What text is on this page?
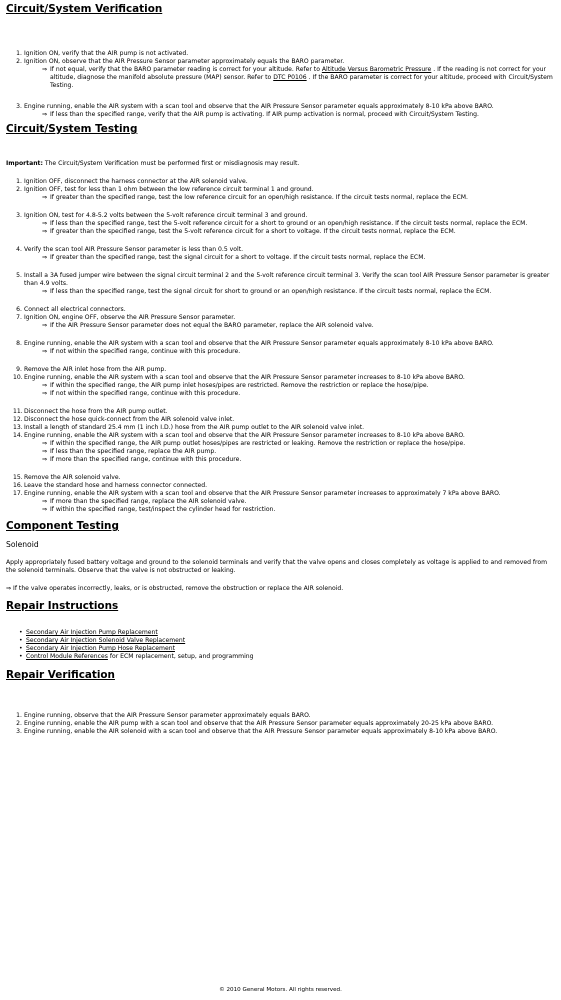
Circuit/System Verification
1. Ignition ON, verify that the AIR pump is not activated.
2. Ignition ON, observe that the AIR Pressure Sensor parameter approximately equals the BARO parameter.
⇒ If not equal, verify that the BARO parameter reading is correct for your altitude. Refer to Altitude Versus Barometric Pressure . If the reading is not correct for your altitude, diagnose the manifold absolute pressure (MAP) sensor. Refer to DTC P0106 . If the BARO parameter is correct for your altitude, proceed with Circuit/System Testing.
3. Engine running, enable the AIR system with a scan tool and observe that the AIR Pressure Sensor parameter equals approximately 8-10 kPa above BARO.
⇒ If less than the specified range, verify that the AIR pump is activating. If AIR pump activation is normal, proceed with Circuit/System Testing.
Circuit/System Testing

Important: The Circuit/System Verification must be performed first or misdiagnosis may result.

1. Ignition OFF, disconnect the harness connector at the AIR solenoid valve.
2. Ignition OFF, test for less than 1 ohm between the low reference circuit terminal 1 and ground.
⇒ If greater than the specified range, test the low reference circuit for an open/high resistance. If the circuit tests normal, replace the ECM.
3. Ignition ON, test for 4.8-5.2 volts between the 5-volt reference circuit terminal 3 and ground.
⇒ If less than the specified range, test the 5-volt reference circuit for a short to ground or an open/high resistance. If the circuit tests normal, replace the ECM.
⇒ If greater than the specified range, test the 5-volt reference circuit for a short to voltage. If the circuit tests normal, replace the ECM.
4. Verify the scan tool AIR Pressure Sensor parameter is less than 0.5 volt.
⇒ If greater than the specified range, test the signal circuit for a short to voltage. If the circuit tests normal, replace the ECM.
5. Install a 3A fused jumper wire between the signal circuit terminal 2 and the 5-volt reference circuit terminal 3. Verify the scan tool AIR Pressure Sensor parameter is greater than 4.9 volts.
⇒ If less than the specified range, test the signal circuit for short to ground or an open/high resistance. If the circuit tests normal, replace the ECM.
6. Connect all electrical connectors.
7. Ignition ON, engine OFF, observe the AIR Pressure Sensor parameter.
⇒ If the AIR Pressure Sensor parameter does not equal the BARO parameter, replace the AIR solenoid valve.
8. Engine running, enable the AIR system with a scan tool and observe that the AIR Pressure Sensor parameter equals approximately 8-10 kPa above BARO.
⇒ If not within the specified range, continue with this procedure.
9. Remove the AIR inlet hose from the AIR pump.
10. Engine running, enable the AIR system with a scan tool and observe that the AIR Pressure Sensor parameter increases to 8-10 kPa above BARO.
⇒ If within the specified range, the AIR pump inlet hoses/pipes are restricted. Remove the restriction or replace the hose/pipe.
⇒ If not within the specified range, continue with this procedure.
11. Disconnect the hose from the AIR pump outlet.
12. Disconnect the hose quick-connect from the AIR solenoid valve inlet.
13. Install a length of standard 25.4 mm (1 inch I.D.) hose from the AIR pump outlet to the AIR solenoid valve inlet.
14. Engine running, enable the AIR system with a scan tool and observe that the AIR Pressure Sensor parameter increases to 8-10 kPa above BARO.
⇒ If within the specified range, the AIR pump outlet hoses/pipes are restricted or leaking. Remove the restriction or replace the hose/pipe.
⇒ If less than the specified range, replace the AIR pump.
⇒ If more than the specified range, continue with this procedure.
15. Remove the AIR solenoid valve.
16. Leave the standard hose and harness connector connected.
17. Engine running, enable the AIR system with a scan tool and observe that the AIR Pressure Sensor parameter increases to approximately 7 kPa above BARO.
⇒ If more than the specified range, replace the AIR solenoid valve.
⇒ If within the specified range, test/inspect the cylinder head for restriction.
Component Testing

Solenoid

Apply appropriately fused battery voltage and ground to the solenoid terminals and verify that the valve opens and closes completely as voltage is applied to and removed from the solenoid terminals. Observe that the valve is not obstructed or leaking.

⇒ If the valve operates incorrectly, leaks, or is obstructed, remove the obstruction or replace the AIR solenoid.
Repair Instructions
• Secondary Air Injection Pump Replacement
• Secondary Air Injection Solenoid Valve Replacement
• Secondary Air Injection Pump Hose Replacement
• Control Module References for ECM replacement, setup, and programming
Repair Verification
1. Engine running, observe that the AIR Pressure Sensor parameter approximately equals BARO.
2. Engine running, enable the AIR pump with a scan tool and observe that the AIR Pressure Sensor parameter equals approximately 20-25 kPa above BARO.
3. Engine running, enable the AIR solenoid with a scan tool and observe that the AIR Pressure Sensor parameter equals approximately 8-10 kPa above BARO.
© 2010 General Motors. All rights reserved.
